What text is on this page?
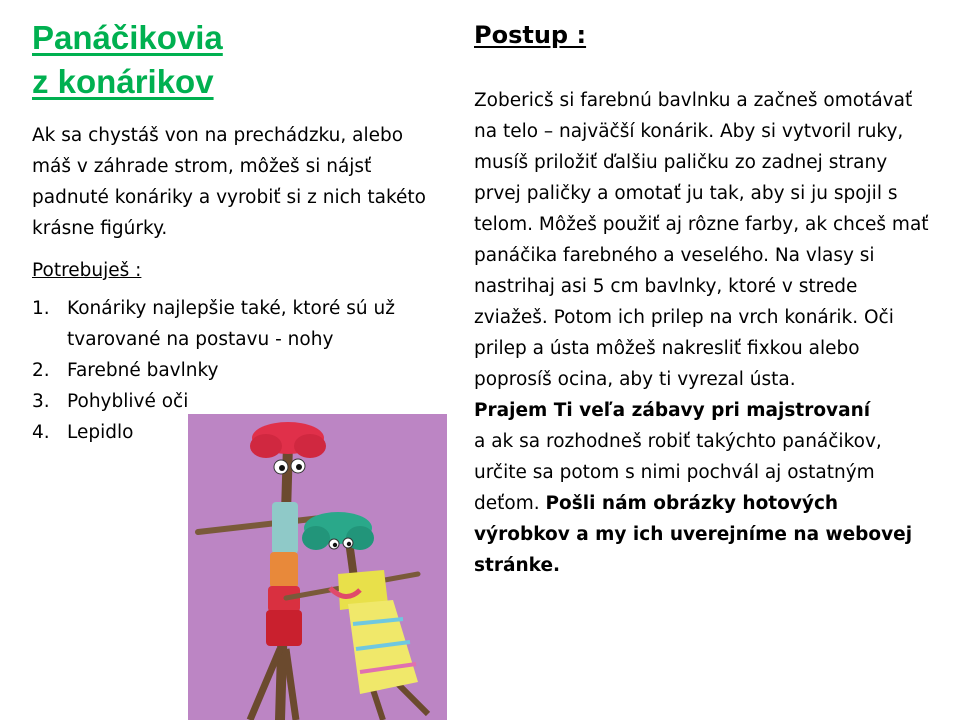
Panáčikovia
z konárikov

Ak sa chystáš von na prechádzku, alebo máš v záhrade strom, môžeš si nájsť padnuté konáriky a vyrobiť si z nich takéto krásne figúrky.

Potrebuješ :

1. Konáriky najlepšie také, ktoré sú už tvarované na postavu - nohy
2. Farebné bavlnky
3. Pohyblivé oči
4. Lepidlo
Postup :

Zobericš si farebnú bavlnku a začneš omotávať na telo – najväčší konárik. Aby si vytvoril ruky, musíš priložiť ďalšiu paličku zo zadnej strany prvej paličky a omotať ju tak, aby si ju spojil s telom. Môžeš použiť aj rôzne farby, ak chceš mať panáčika farebného a veselého. Na vlasy si nastrihaj asi 5 cm bavlnky, ktoré v strede zviažeš. Potom ich prilep na vrch konárik. Oči prilep a ústa môžeš nakresliť fixkou alebo poprosíš ocina, aby ti vyrezal ústa.
Prajem Ti veľa zábavy pri majstrovaní
a ak sa rozhodneš robiť takýchto panáčikov, určite sa potom s nimi pochvál aj ostatným deťom. Pošli nám obrázky hotových výrobkov a my ich uverejníme na webovej stránke.
